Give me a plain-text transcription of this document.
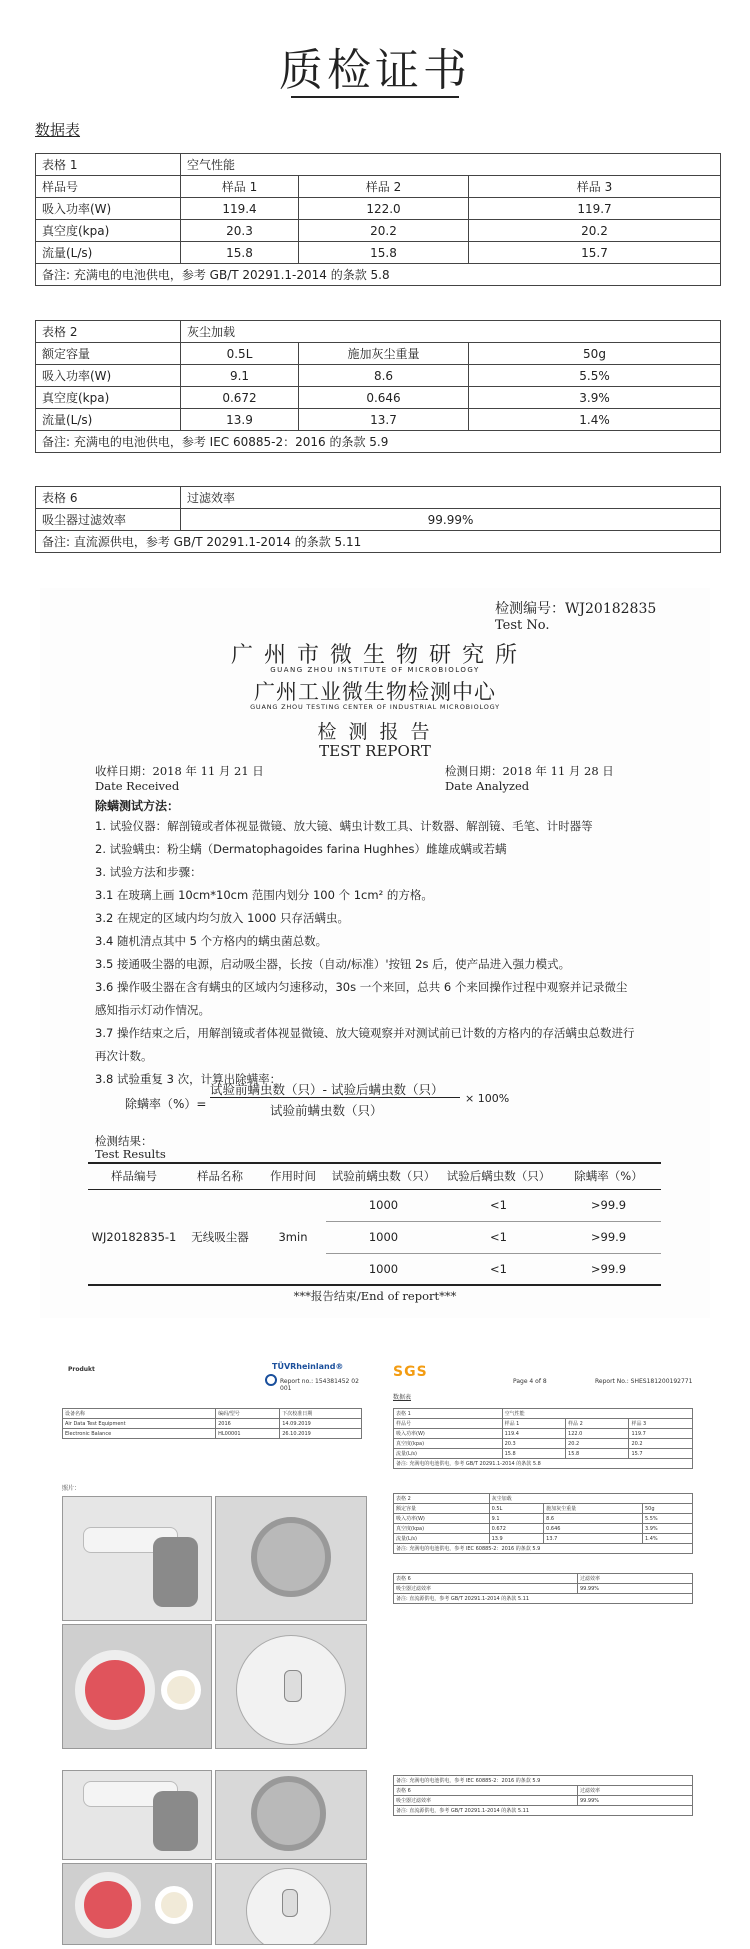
质检证书
数据表
表格 1	空气性能		
样品号	样品 1	样品 2	样品 3
吸入功率(W)	119.4	122.0	119.7
真空度(kpa)	20.3	20.2	20.2
流量(L/s)	15.8	15.8	15.7
备注: 充满电的电池供电，参考 GB/T 20291.1-2014 的条款 5.8			
表格 2	灰尘加载		
额定容量	0.5L	施加灰尘重量	50g
吸入功率(W)	9.1	8.6	5.5%
真空度(kpa)	0.672	0.646	3.9%
流量(L/s)	13.9	13.7	1.4%
备注: 充满电的电池供电，参考 IEC 60885-2：2016 的条款 5.9			
表格 6	过滤效率
吸尘器过滤效率	99.99%
备注: 直流源供电，参考 GB/T 20291.1-2014 的条款 5.11	
检测编号：WJ20182835
Test No.
广 州 市 微 生 物 研 究 所
GUANG ZHOU INSTITUTE OF MICROBIOLOGY
广州工业微生物检测中心
GUANG ZHOU TESTING CENTER OF INDUSTRIAL MICROBIOLOGY
检 测 报 告
TEST REPORT
收样日期：2018 年 11 月 21 日
Date Received
检测日期：2018 年 11 月 28 日
Date Analyzed
除螨测试方法：
1. 试验仪器：解剖镜或者体视显微镜、放大镜、螨虫计数工具、计数器、解剖镜、毛笔、计时器等
2. 试验螨虫：粉尘螨（Dermatophagoides farina Hughhes）雌雄成螨或若螨
3. 试验方法和步骤：
3.1 在玻璃上画 10cm*10cm 范围内划分 100 个 1cm² 的方格。
3.2 在规定的区域内均匀放入 1000 只存活螨虫。
3.4 随机清点其中 5 个方格内的螨虫菌总数。
3.5 接通吸尘器的电源，启动吸尘器，长按（自动/标准）'按钮 2s 后，使产品进入强力模式。
3.6 操作吸尘器在含有螨虫的区域内匀速移动，30s 一个来回，总共 6 个来回操作过程中观察并记录微尘
感知指示灯动作情况。
3.7 操作结束之后，用解剖镜或者体视显微镜、放大镜观察并对测试前已计数的方格内的存活螨虫总数进行
再次计数。
3.8 试验重复 3 次，计算出除螨率：
除螨率（%）=
试验前螨虫数（只）- 试验后螨虫数（只）
试验前螨虫数（只）
× 100%
检测结果：
Test Results
样品编号	样品名称	作用时间	试验前螨虫数（只）	试验后螨虫数（只）	除螨率（%）
WJ20182835-1	无线吸尘器	3min	1000	<1	>99.9
			1000	<1	>99.9
			1000	<1	>99.9
***报告结束/End of report***
Produkt	TÜVRheinland®
Report no.: 154381452 02 001
设备名称	编码/型号	下次校准日期
Air Data Test Equipment	2016	14.09.2019
Electronic Balance	HL00001	26.10.2019
照片：
SGS
Page 4 of 8	Report No.: SHES181200192771
数据表
表格 1	空气性能		
样品号	样品 1	样品 2	样品 3
吸入功率(W)	119.4	122.0	119.7
真空度(kpa)	20.3	20.2	20.2
流量(L/s)	15.8	15.8	15.7
备注: 充满电的电池供电，参考 GB/T 20291.1-2014 的条款 5.8			
表格 2	灰尘加载		
额定容量	0.5L	施加灰尘重量	50g
吸入功率(W)	9.1	8.6	5.5%
真空度(kpa)	0.672	0.646	3.9%
流量(L/s)	13.9	13.7	1.4%
备注: 充满电的电池供电，参考 IEC 60885-2：2016 的条款 5.9			
表格 6	过滤效率
吸尘器过滤效率	99.99%
备注: 直流源供电，参考 GB/T 20291.1-2014 的条款 5.11	
备注: 充满电的电池供电，参考 IEC 60885-2：2016 的条款 5.9	
表格 6	过滤效率
吸尘器过滤效率	99.99%
备注: 直流源供电，参考 GB/T 20291.1-2014 的条款 5.11	
